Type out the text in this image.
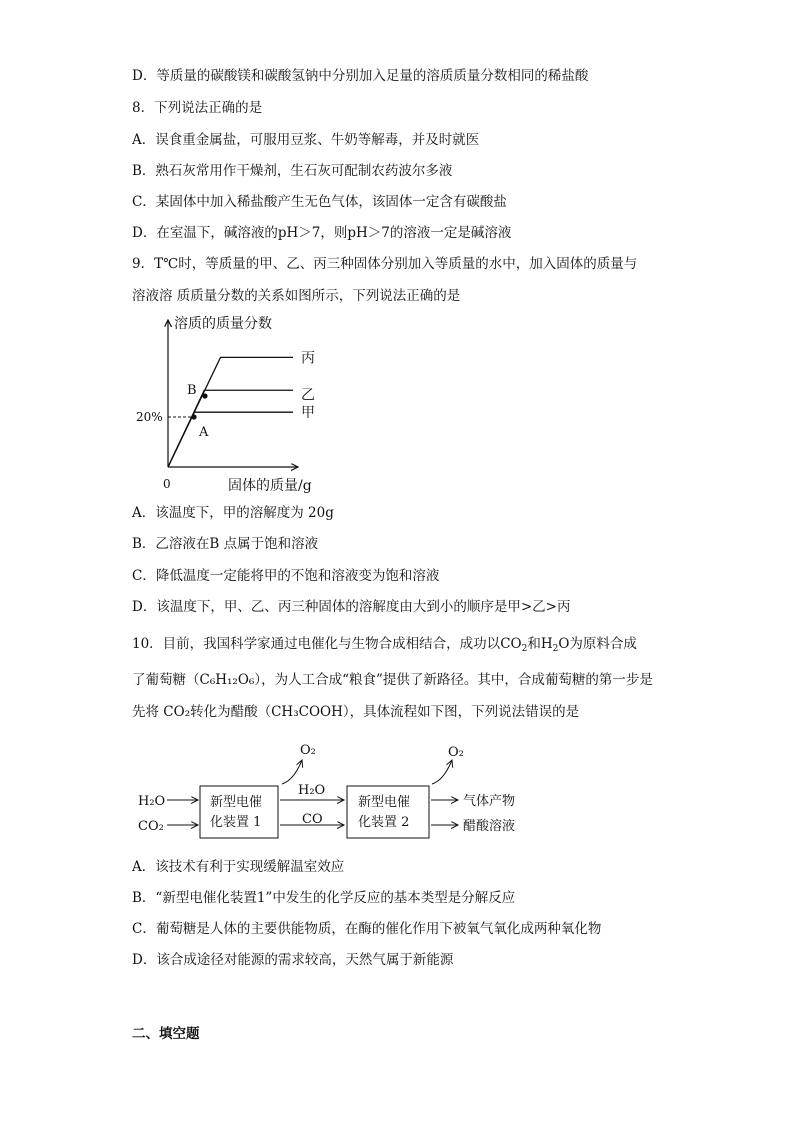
D．等质量的碳酸镁和碳酸氢钠中分别加入足量的溶质质量分数相同的稀盐酸
8．下列说法正确的是
A．误食重金属盐，可服用豆浆、牛奶等解毒，并及时就医
B．熟石灰常用作干燥剂，生石灰可配制农药波尔多液
C．某固体中加入稀盐酸产生无色气体，该固体一定含有碳酸盐
D．在室温下，碱溶液的pH＞7，则pH＞7的溶液一定是碱溶液
9．T℃时，等质量的甲、乙、丙三种固体分别加入等质量的水中，加入固体的质量与
溶液溶 质质量分数的关系如图所示，下列说法正确的是
溶质的质量分数
固体的质量/g
0
20%
丙
乙
甲
A
B
A．该温度下，甲的溶解度为 20g
B．乙溶液在B 点属于饱和溶液
C．降低温度一定能将甲的不饱和溶液变为饱和溶液
D．该温度下，甲、乙、丙三种固体的溶解度由大到小的顺序是甲>乙>丙
10．目前，我国科学家通过电催化与生物合成相结合，成功以$CO_2$和$H_2O$为原料合成
了葡萄糖（C₆H₁₂O₆），为人工合成“粮食”提供了新路径。其中，合成葡萄糖的第一步是
先将 CO₂转化为醋酸（CH₃COOH），具体流程如下图，下列说法错误的是
H₂O
CO₂
新型电催
化装置 1
O₂
H₂O
CO
新型电催
化装置 2
O₂
气体产物
醋酸溶液
A．该技术有利于实现缓解温室效应
B．“新型电催化装置1”中发生的化学反应的基本类型是分解反应
C．葡萄糖是人体的主要供能物质，在酶的催化作用下被氧气氧化成两种氧化物
D．该合成途径对能源的需求较高，天然气属于新能源
二、填空题
